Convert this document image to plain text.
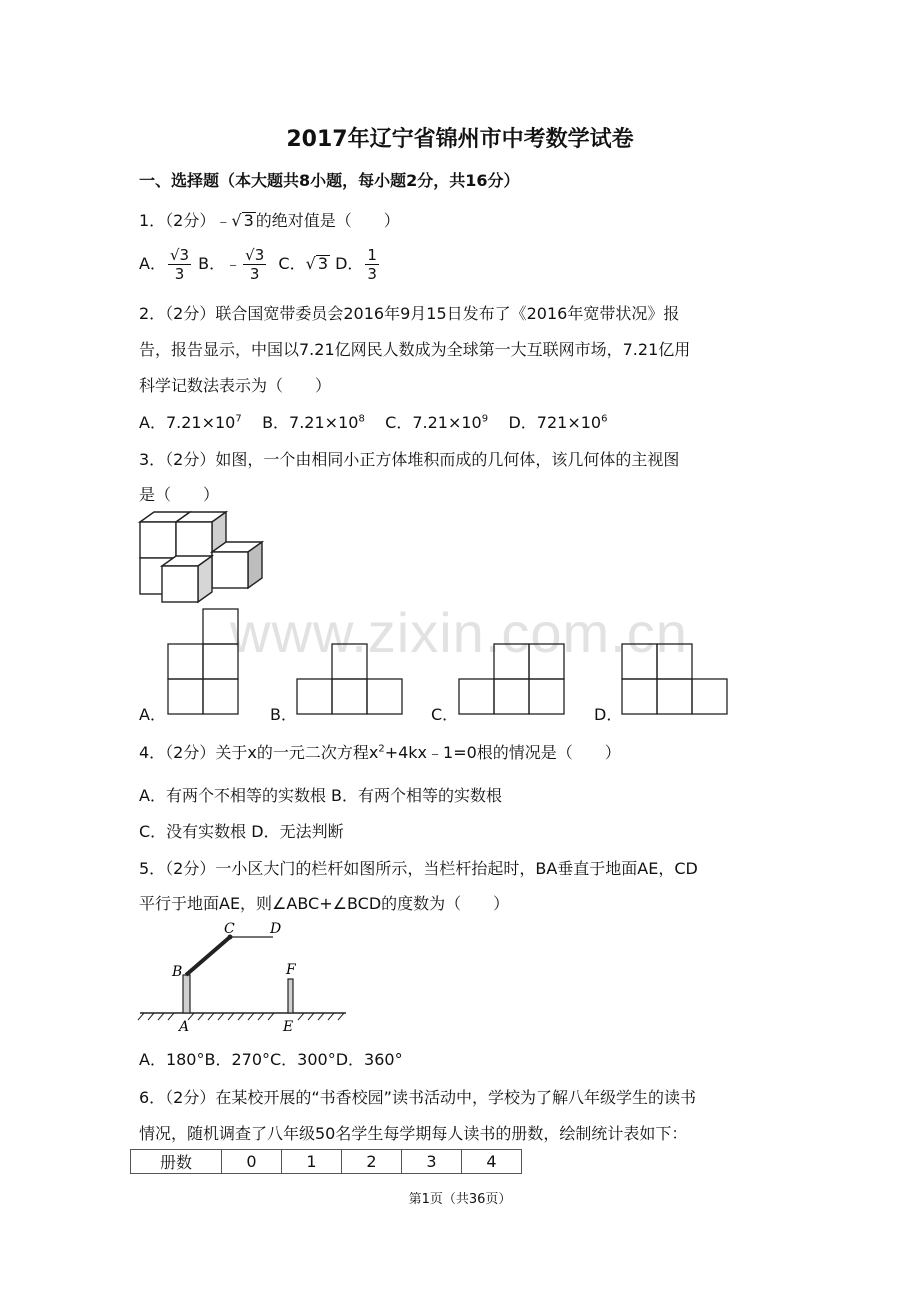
www.zixin.com.cn
2017年辽宁省锦州市中考数学试卷
一、选择题（本大题共8小题，每小题2分，共16分）
1．（2分）﹣√ 3 的绝对值是（　　）
A． $\frac{√3}{3}$ B．﹣ $\frac{√3}{3}$ C．√ 3 D． $\frac{1}{3}$
2．（2分）联合国宽带委员会2016年9月15日发布了《2016年宽带状况》报
告，报告显示，中国以7.21亿网民人数成为全球第一大互联网市场，7.21亿用
科学记数法表示为（　　）
A．$7.21\times 10^7$ B．$7.21\times 10^8$ C．$7.21\times 10^9$ D．$721\times 10^6$
3．（2分）如图，一个由相同小正方体堆积而成的几何体，该几何体的主视图
是（　　）
A．	B．	C．	D．
4．（2分）关于x的一元二次方程$x^2+4kx﹣1=0$根的情况是（　　）
A．有两个不相等的实数根 B．有两个相等的实数根
C．没有实数根 D．无法判断
5．（2分）一小区大门的栏杆如图所示，当栏杆抬起时，BA垂直于地面AE，CD
平行于地面AE，则∠ABC+∠BCD的度数为（　　）
C	D
B	F
A	E
A．180°B．270°C．300°D．360°
6．（2分）在某校开展的“书香校园”读书活动中，学校为了解八年级学生的读书
情况，随机调查了八年级50名学生每学期每人读书的册数，绘制统计表如下：
册数	0	1	2	3	4
第1页（共36页）
